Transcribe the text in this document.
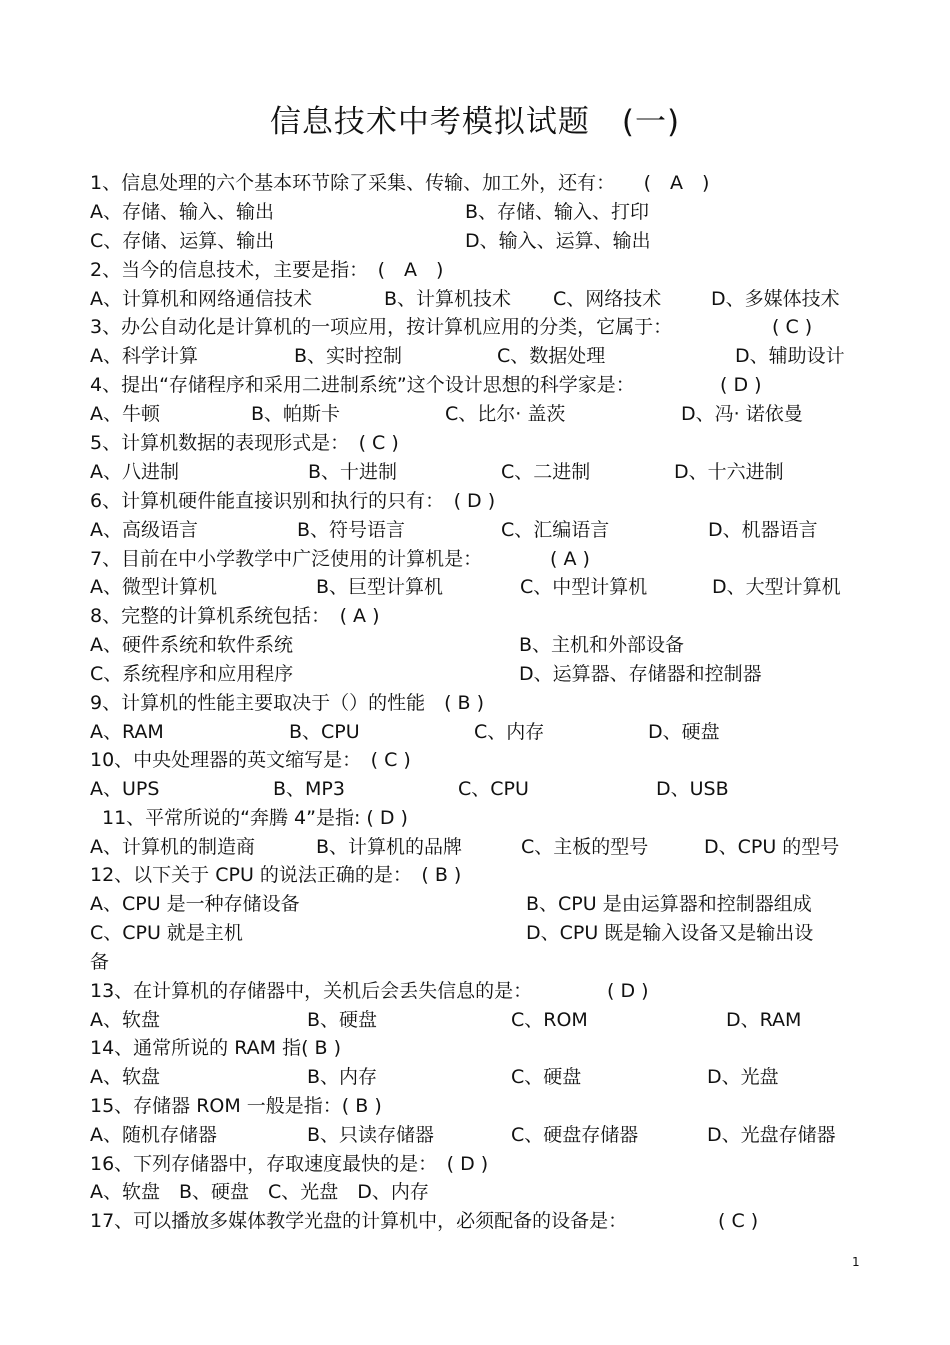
信息技术中考模拟试题　(一)
1、信息处理的六个基本环节除了采集、传输、加工外，还有：　　(　A　)
A、存储、输入、输出	B、存储、输入、打印
C、存储、运算、输出	D、输入、运算、输出
2、当今的信息技术，主要是指：　(　A　)
A、计算机和网络通信技术	B、计算机技术 C、网络技术	D、多媒体技术
3、办公自动化是计算机的一项应用，按计算机应用的分类，它属于：	( C )
A、科学计算	B、实时控制	C、数据处理	D、辅助设计
4、提出“存储程序和采用二进制系统”这个设计思想的科学家是：	( D )
A、牛顿	B、帕斯卡	C、比尔· 盖茨	D、冯· 诺依曼
5、计算机数据的表现形式是：　( C )
A、八进制	B、十进制	C、二进制	D、十六进制
6、计算机硬件能直接识别和执行的只有：　( D )
A、高级语言	B、符号语言	C、汇编语言	D、机器语言
7、目前在中小学教学中广泛使用的计算机是：	( A )
A、微型计算机	B、巨型计算机	C、中型计算机	D、大型计算机
8、完整的计算机系统包括：　( A )
A、硬件系统和软件系统	B、主机和外部设备
C、系统程序和应用程序	D、运算器、存储器和控制器
9、计算机的性能主要取决于（）的性能　( B )
A、RAM	B、CPU	C、内存	D、硬盘
10、中央处理器的英文缩写是：　( C )
A、UPS	B、MP3	C、CPU	D、USB
11、平常所说的“奔腾 4”是指: ( D )
A、计算机的制造商	B、计算机的品牌	C、主板的型号	D、CPU 的型号
12、以下关于 CPU 的说法正确的是：　( B )
A、CPU 是一种存储设备	B、CPU 是由运算器和控制器组成
C、CPU 就是主机	D、CPU 既是输入设备又是输出设
备
13、在计算机的存储器中，关机后会丢失信息的是：	( D )
A、软盘	B、硬盘	C、ROM	D、RAM
14、通常所说的 RAM 指( B )
A、软盘	B、内存	C、硬盘	D、光盘
15、存储器 ROM 一般是指：( B )
A、随机存储器	B、只读存储器	C、硬盘存储器	D、光盘存储器
16、下列存储器中，存取速度最快的是：　( D )
A、软盘　B、硬盘　C、光盘　D、内存
17、可以播放多媒体教学光盘的计算机中，必须配备的设备是：	( C )
1
